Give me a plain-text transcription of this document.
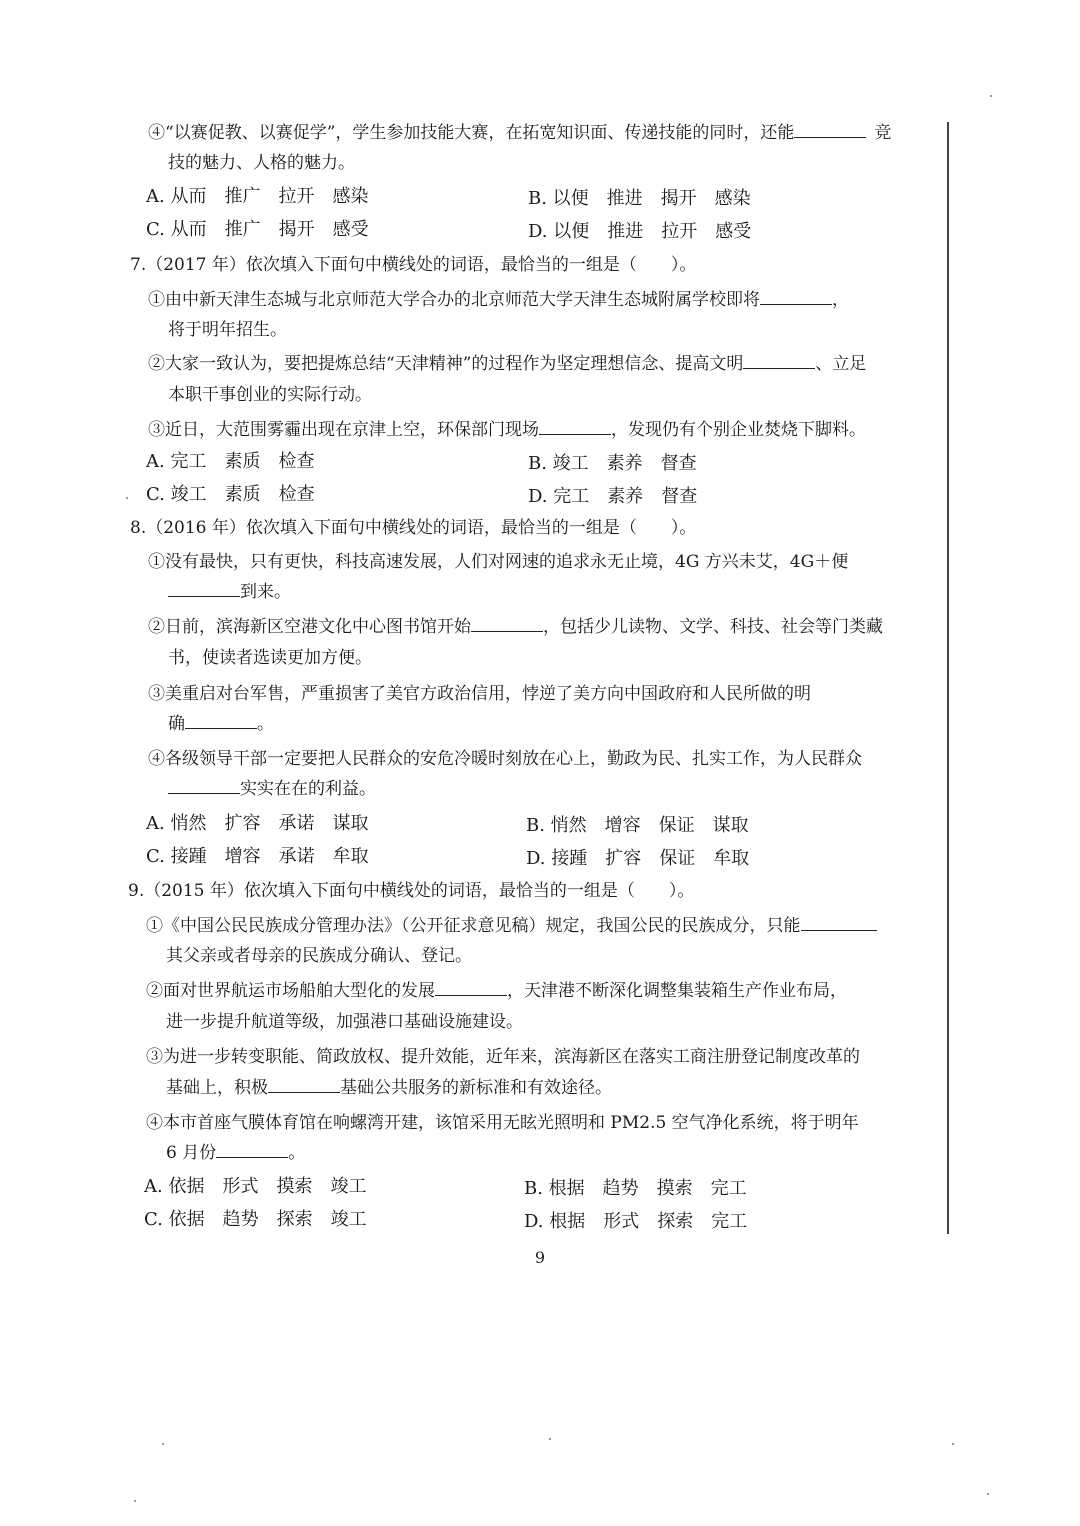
④“以赛促教、以赛促学”，学生参加技能大赛，在拓宽知识面、传递技能的同时，还能	竞
技的魅力、人格的魅力。
A. 从而　推广　拉开　感染	B. 以便　推进　揭开　感染
C. 从而　推广　揭开　感受	D. 以便　推进　拉开　感受
7.（2017 年）依次填入下面句中横线处的词语，最恰当的一组是（　　）。
①由中新天津生态城与北京师范大学合办的北京师范大学天津生态城附属学校即将	，
将于明年招生。
②大家一致认为，要把提炼总结“天津精神”的过程作为坚定理想信念、提高文明	、立足
本职干事创业的实际行动。
③近日，大范围雾霾出现在京津上空，环保部门现场	，发现仍有个别企业焚烧下脚料。
A. 完工　素质　检查	B. 竣工　素养　督查
C. 竣工　素质　检查	D. 完工　素养　督查
8.（2016 年）依次填入下面句中横线处的词语，最恰当的一组是（　　）。
①没有最快，只有更快，科技高速发展，人们对网速的追求永无止境，4G 方兴未艾，4G＋便
到来。
②日前，滨海新区空港文化中心图书馆开始	，包括少儿读物、文学、科技、社会等门类藏
书，使读者选读更加方便。
③美重启对台军售，严重损害了美官方政治信用，悖逆了美方向中国政府和人民所做的明
确	。
④各级领导干部一定要把人民群众的安危冷暖时刻放在心上，勤政为民、扎实工作，为人民群众
实实在在的利益。
A. 悄然　扩容　承诺　谋取	B. 悄然　增容　保证　谋取
C. 接踵　增容　承诺　牟取	D. 接踵　扩容　保证　牟取
9.（2015 年）依次填入下面句中横线处的词语，最恰当的一组是（　　）。
①《中国公民民族成分管理办法》（公开征求意见稿）规定，我国公民的民族成分，只能
其父亲或者母亲的民族成分确认、登记。
②面对世界航运市场船舶大型化的发展	，天津港不断深化调整集装箱生产作业布局，
进一步提升航道等级，加强港口基础设施建设。
③为进一步转变职能、简政放权、提升效能，近年来，滨海新区在落实工商注册登记制度改革的
基础上，积极	基础公共服务的新标准和有效途径。
④本市首座气膜体育馆在响螺湾开建，该馆采用无眩光照明和 PM2.5 空气净化系统，将于明年
6 月份	。
A. 依据　形式　摸索　竣工	B. 根据　趋势　摸索　完工
C. 依据　趋势　探索　竣工	D. 根据　形式　探索　完工
9
